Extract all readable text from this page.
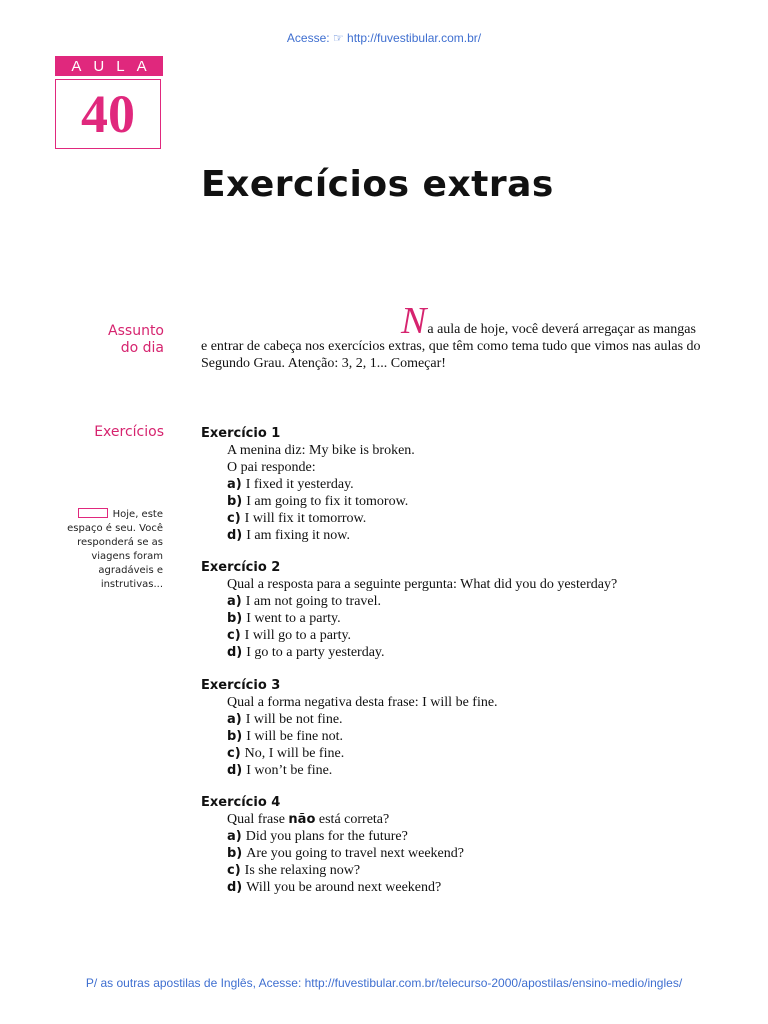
Acesse: ☞ http://fuvestibular.com.br/
AULA
40
Exercícios extras
Assunto
do dia
Exercícios
Hoje, este espaço é seu. Você responderá se as viagens foram agradáveis e instrutivas...

Na aula de hoje, você deverá arregaçar as mangas e entrar de cabeça nos exercícios extras, que têm como tema tudo que vimos nas aulas do Segundo Grau. Atenção: 3, 2, 1... Começar!

Exercício 1
A menina diz: My bike is broken.
O pai responde:
a) I fixed it yesterday.
b) I am going to fix it tomorow.
c) I will fix it tomorrow.
d) I am fixing it now.
Exercício 2
Qual a resposta para a seguinte pergunta: What did you do yesterday?
a) I am not going to travel.
b) I went to a party.
c) I will go to a party.
d) I go to a party yesterday.
Exercício 3
Qual a forma negativa desta frase: I will be fine.
a) I will be not fine.
b) I will be fine not.
c) No, I will be fine.
d) I won’t be fine.
Exercício 4
Qual frase não está correta?
a) Did you plans for the future?
b) Are you going to travel next weekend?
c) Is she relaxing now?
d) Will you be around next weekend?
P/ as outras apostilas de Inglês, Acesse: http://fuvestibular.com.br/telecurso-2000/apostilas/ensino-medio/ingles/
